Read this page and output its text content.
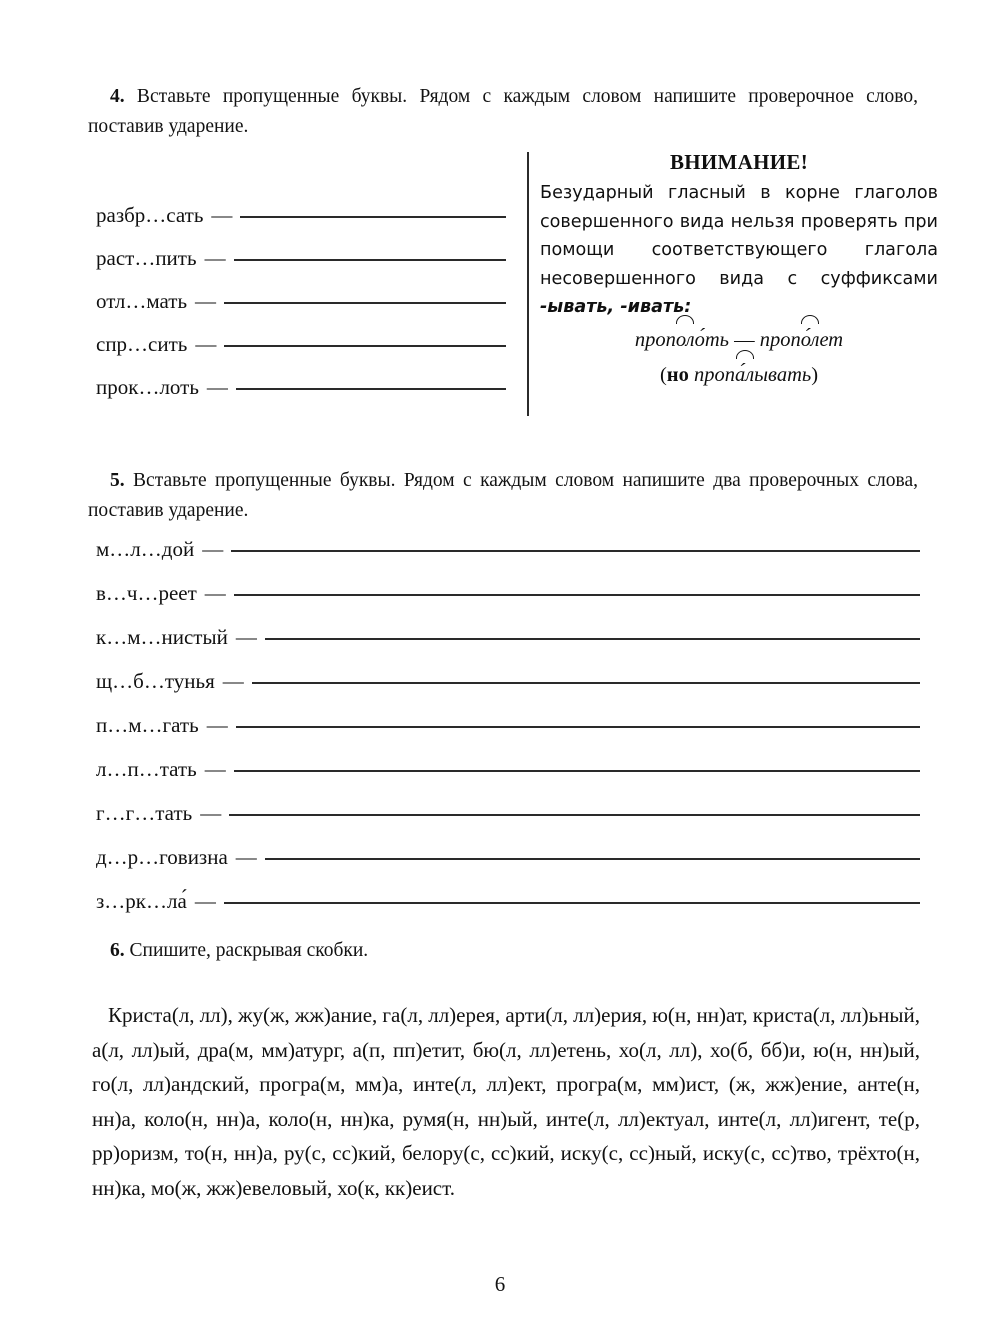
4. Вставьте пропущенные буквы. Рядом с каждым словом напишите проверочное слово, поставив ударение.
разбр…сать —
раст…пить —
отл…мать —
спр…сить —
прок…лоть —
ВНИМАНИЕ!
Безударный гласный в корне глаголов совершенного вида нельзя проверять при помощи соответствующего глагола несовершенного вида с суффиксами -ывать, -ивать:
прополо́ть — пропо́лет
(но пропа́лывать)
5. Вставьте пропущенные буквы. Рядом с каждым словом напишите два проверочных слова, поставив ударение.
м…л…дой —
в…ч…реет —
к…м…нистый —
щ…б…тунья —
п…м…гать —
л…п…тать —
г…г…тать —
д…р…говизна —
з…рк…ла́ —
6. Спишите, раскрывая скобки.
Криста(л, лл), жу(ж, жж)ание, га(л, лл)ерея, арти(л, лл)ерия, ю(н, нн)ат, криста(л, лл)ьный, а(л, лл)ый, дра(м, мм)атург, а(п, пп)етит, бю(л, лл)етень, хо(л, лл), хо(б, бб)и, ю(н, нн)ый, го(л, лл)андский, програ(м, мм)а, инте(л, лл)ект, програ(м, мм)ист, (ж, жж)ение, анте(н, нн)а, коло(н, нн)а, коло(н, нн)ка, румя(н, нн)ый, инте(л, лл)ектуал, инте(л, лл)игент, те(р, рр)оризм, то(н, нн)а, ру(с, сс)кий, белору(с, сс)кий, иску(с, сс)ный, иску(с, сс)тво, трёхто(н, нн)ка, мо(ж, жж)евеловый, хо(к, кк)еист.
6
